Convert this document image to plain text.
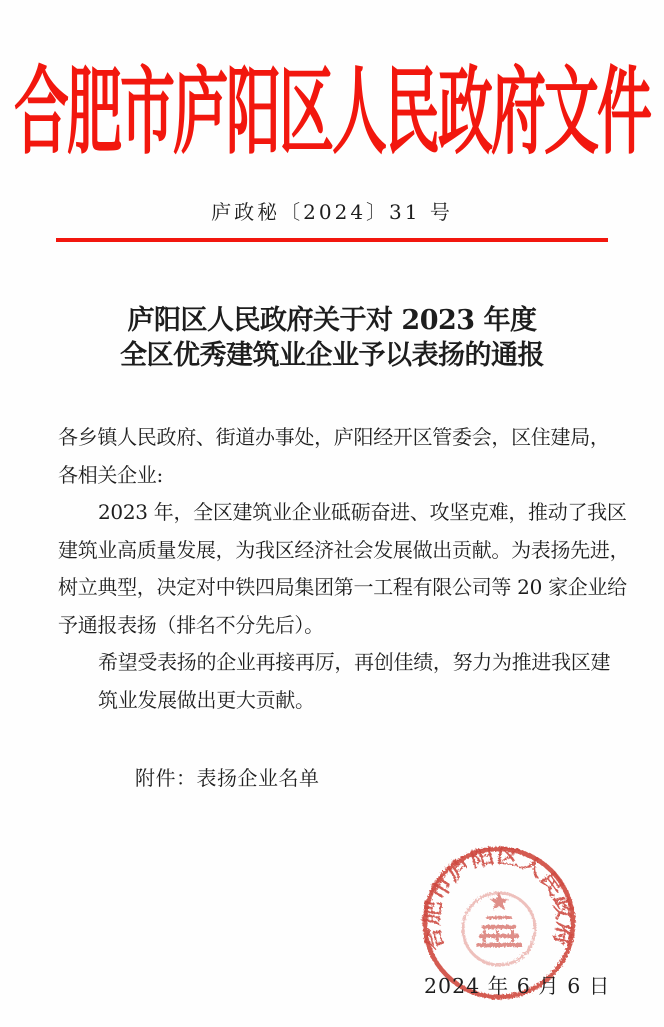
合肥市庐阳区人民政府文件
庐政秘〔2024〕31 号
庐阳区人民政府关于对 2023 年度
全区优秀建筑业企业予以表扬的通报
各乡镇人民政府、街道办事处，庐阳经开区管委会，区住建局，
各相关企业:
2023 年，全区建筑业企业砥砺奋进、攻坚克难，推动了我区
建筑业高质量发展，为我区经济社会发展做出贡献。为表扬先进，
树立典型，决定对中铁四局集团第一工程有限公司等 20 家企业给
予通报表扬（排名不分先后）。
希望受表扬的企业再接再厉，再创佳绩，努力为推进我区建
筑业发展做出更大贡献。
附件：表扬企业名单
合肥市庐阳区人民政府
2024 年 6 月 6 日
